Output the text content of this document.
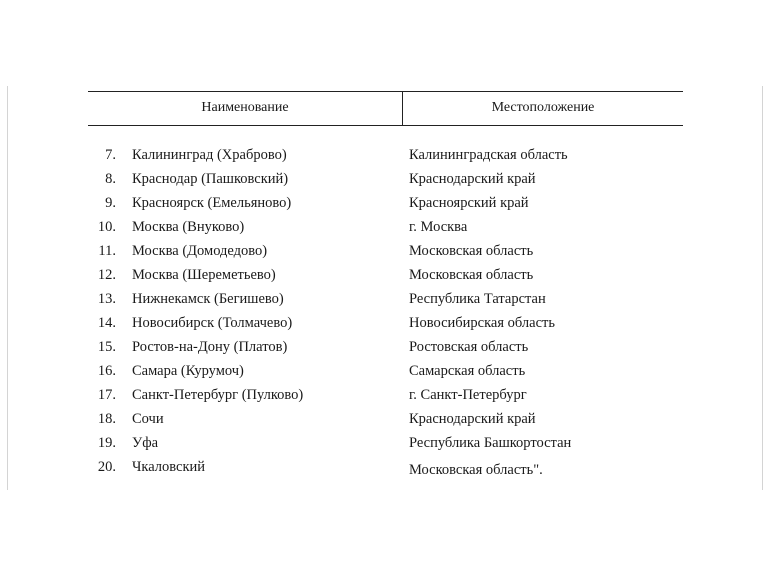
Наименование	Местоположение
7. Калининград (Храброво)	Калининградская область
8. Краснодар (Пашковский)	Краснодарский край
9. Красноярск (Емельяново)	Красноярский край
10. Москва (Внуково)	г. Москва
11. Москва (Домодедово)	Московская область
12. Москва (Шереметьево)	Московская область
13. Нижнекамск (Бегишево)	Республика Татарстан
14. Новосибирск (Толмачево)	Новосибирская область
15. Ростов-на-Дону (Платов)	Ростовская область
16. Самара (Курумоч)	Самарская область
17. Санкт-Петербург (Пулково)	г. Санкт-Петербург
18. Сочи	Краснодарский край
19. Уфа	Республика Башкортостан
20. Чкаловский	Московская область".
